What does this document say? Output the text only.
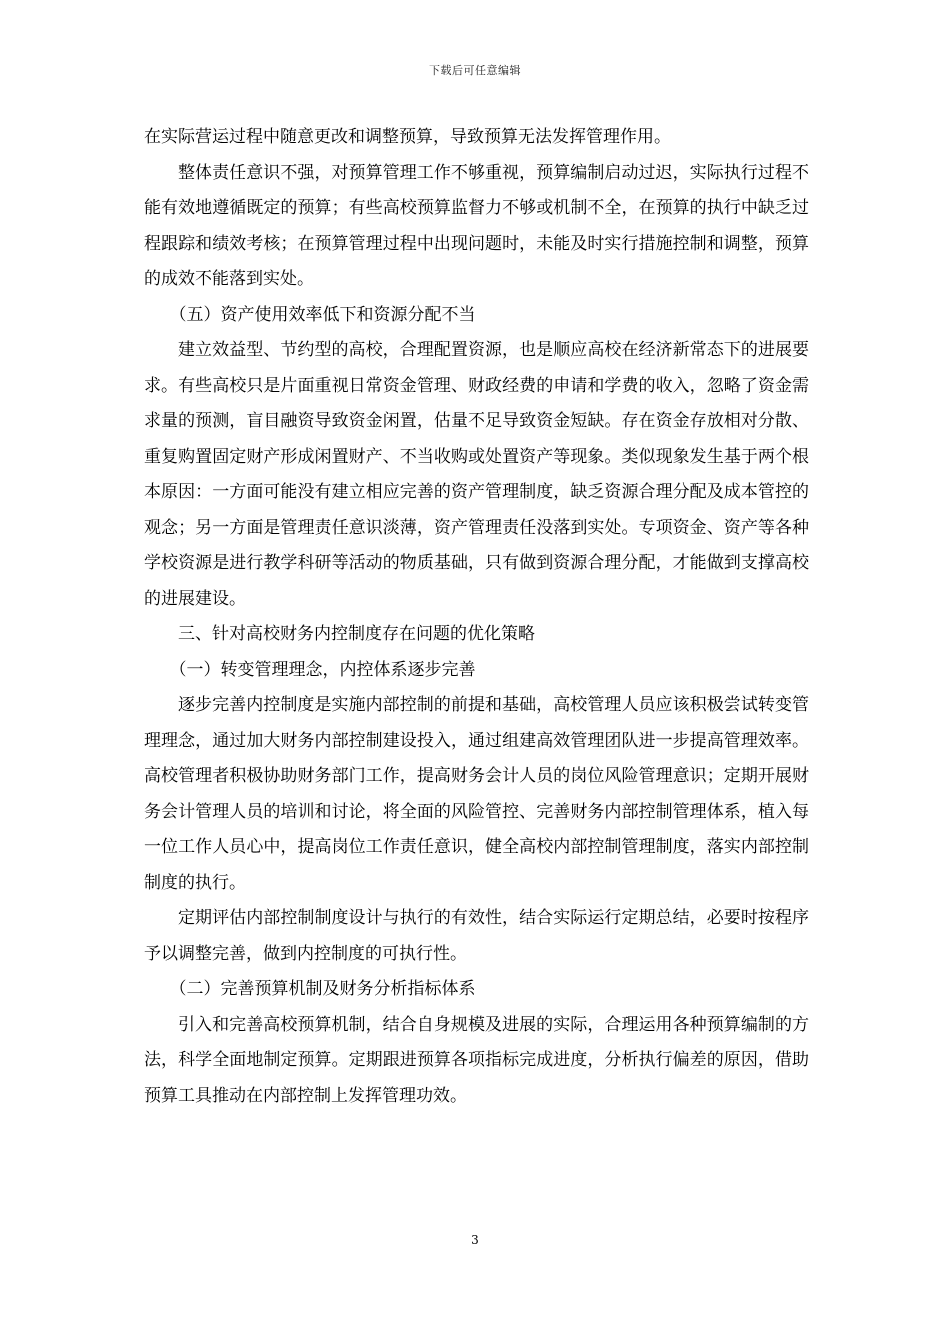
下载后可任意编辑

在实际营运过程中随意更改和调整预算，导致预算无法发挥管理作用。

整体责任意识不强，对预算管理工作不够重视，预算编制启动过迟，实际执行过程不能有效地遵循既定的预算；有些高校预算监督力不够或机制不全，在预算的执行中缺乏过程跟踪和绩效考核；在预算管理过程中出现问题时，未能及时实行措施控制和调整，预算的成效不能落到实处。

（五）资产使用效率低下和资源分配不当

建立效益型、节约型的高校，合理配置资源，也是顺应高校在经济新常态下的进展要求。有些高校只是片面重视日常资金管理、财政经费的申请和学费的收入，忽略了资金需求量的预测，盲目融资导致资金闲置，估量不足导致资金短缺。存在资金存放相对分散、重复购置固定财产形成闲置财产、不当收购或处置资产等现象。类似现象发生基于两个根本原因：一方面可能没有建立相应完善的资产管理制度，缺乏资源合理分配及成本管控的观念；另一方面是管理责任意识淡薄，资产管理责任没落到实处。专项资金、资产等各种学校资源是进行教学科研等活动的物质基础，只有做到资源合理分配，才能做到支撑高校的进展建设。

三、针对高校财务内控制度存在问题的优化策略

（一）转变管理理念，内控体系逐步完善

逐步完善内控制度是实施内部控制的前提和基础，高校管理人员应该积极尝试转变管理理念，通过加大财务内部控制建设投入，通过组建高效管理团队进一步提高管理效率。高校管理者积极协助财务部门工作，提高财务会计人员的岗位风险管理意识；定期开展财务会计管理人员的培训和讨论，将全面的风险管控、完善财务内部控制管理体系，植入每一位工作人员心中，提高岗位工作责任意识，健全高校内部控制管理制度，落实内部控制制度的执行。

定期评估内部控制制度设计与执行的有效性，结合实际运行定期总结，必要时按程序予以调整完善，做到内控制度的可执行性。

（二）完善预算机制及财务分析指标体系

引入和完善高校预算机制，结合自身规模及进展的实际，合理运用各种预算编制的方法，科学全面地制定预算。定期跟进预算各项指标完成进度，分析执行偏差的原因，借助预算工具推动在内部控制上发挥管理功效。

3
